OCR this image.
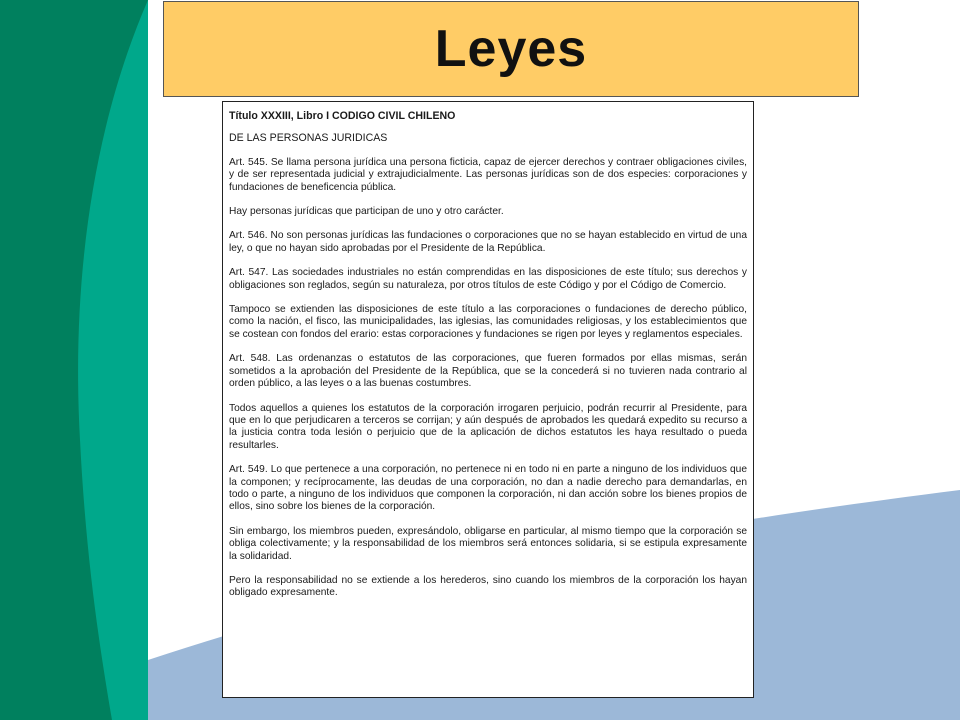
Leyes
Título XXXIII, Libro I CODIGO CIVIL CHILENO
DE LAS PERSONAS JURIDICAS

Art. 545. Se llama persona jurídica una persona ficticia, capaz de ejercer derechos y contraer obligaciones civiles, y de ser representada judicial y extrajudicialmente. Las personas jurídicas son de dos especies: corporaciones y fundaciones de beneficencia pública.

Hay personas jurídicas que participan de uno y otro carácter.

Art. 546. No son personas jurídicas las fundaciones o corporaciones que no se hayan establecido en virtud de una ley, o que no hayan sido aprobadas por el Presidente de la República.

Art. 547. Las sociedades industriales no están comprendidas en las disposiciones de este título; sus derechos y obligaciones son reglados, según su naturaleza, por otros títulos de este Código y por el Código de Comercio.

Tampoco se extienden las disposiciones de este título a las corporaciones o fundaciones de derecho público, como la nación, el fisco, las municipalidades, las iglesias, las comunidades religiosas, y los establecimientos que se costean con fondos del erario: estas corporaciones y fundaciones se rigen por leyes y reglamentos especiales.

Art. 548. Las ordenanzas o estatutos de las corporaciones, que fueren formados por ellas mismas, serán sometidos a la aprobación del Presidente de la República, que se la concederá si no tuvieren nada contrario al orden público, a las leyes o a las buenas costumbres.

Todos aquellos a quienes los estatutos de la corporación irrogaren perjuicio, podrán recurrir al Presidente, para que en lo que perjudicaren a terceros se corrijan; y aún después de aprobados les quedará expedito su recurso a la justicia contra toda lesión o perjuicio que de la aplicación de dichos estatutos les haya resultado o pueda resultarles.

Art. 549. Lo que pertenece a una corporación, no pertenece ni en todo ni en parte a ninguno de los individuos que la componen; y recíprocamente, las deudas de una corporación, no dan a nadie derecho para demandarlas, en todo o parte, a ninguno de los individuos que componen la corporación, ni dan acción sobre los bienes propios de ellos, sino sobre los bienes de la corporación.

Sin embargo, los miembros pueden, expresándolo, obligarse en particular, al mismo tiempo que la corporación se obliga colectivamente; y la responsabilidad de los miembros será entonces solidaria, si se estipula expresamente la solidaridad.

Pero la responsabilidad no se extiende a los herederos, sino cuando los miembros de la corporación los hayan obligado expresamente.
